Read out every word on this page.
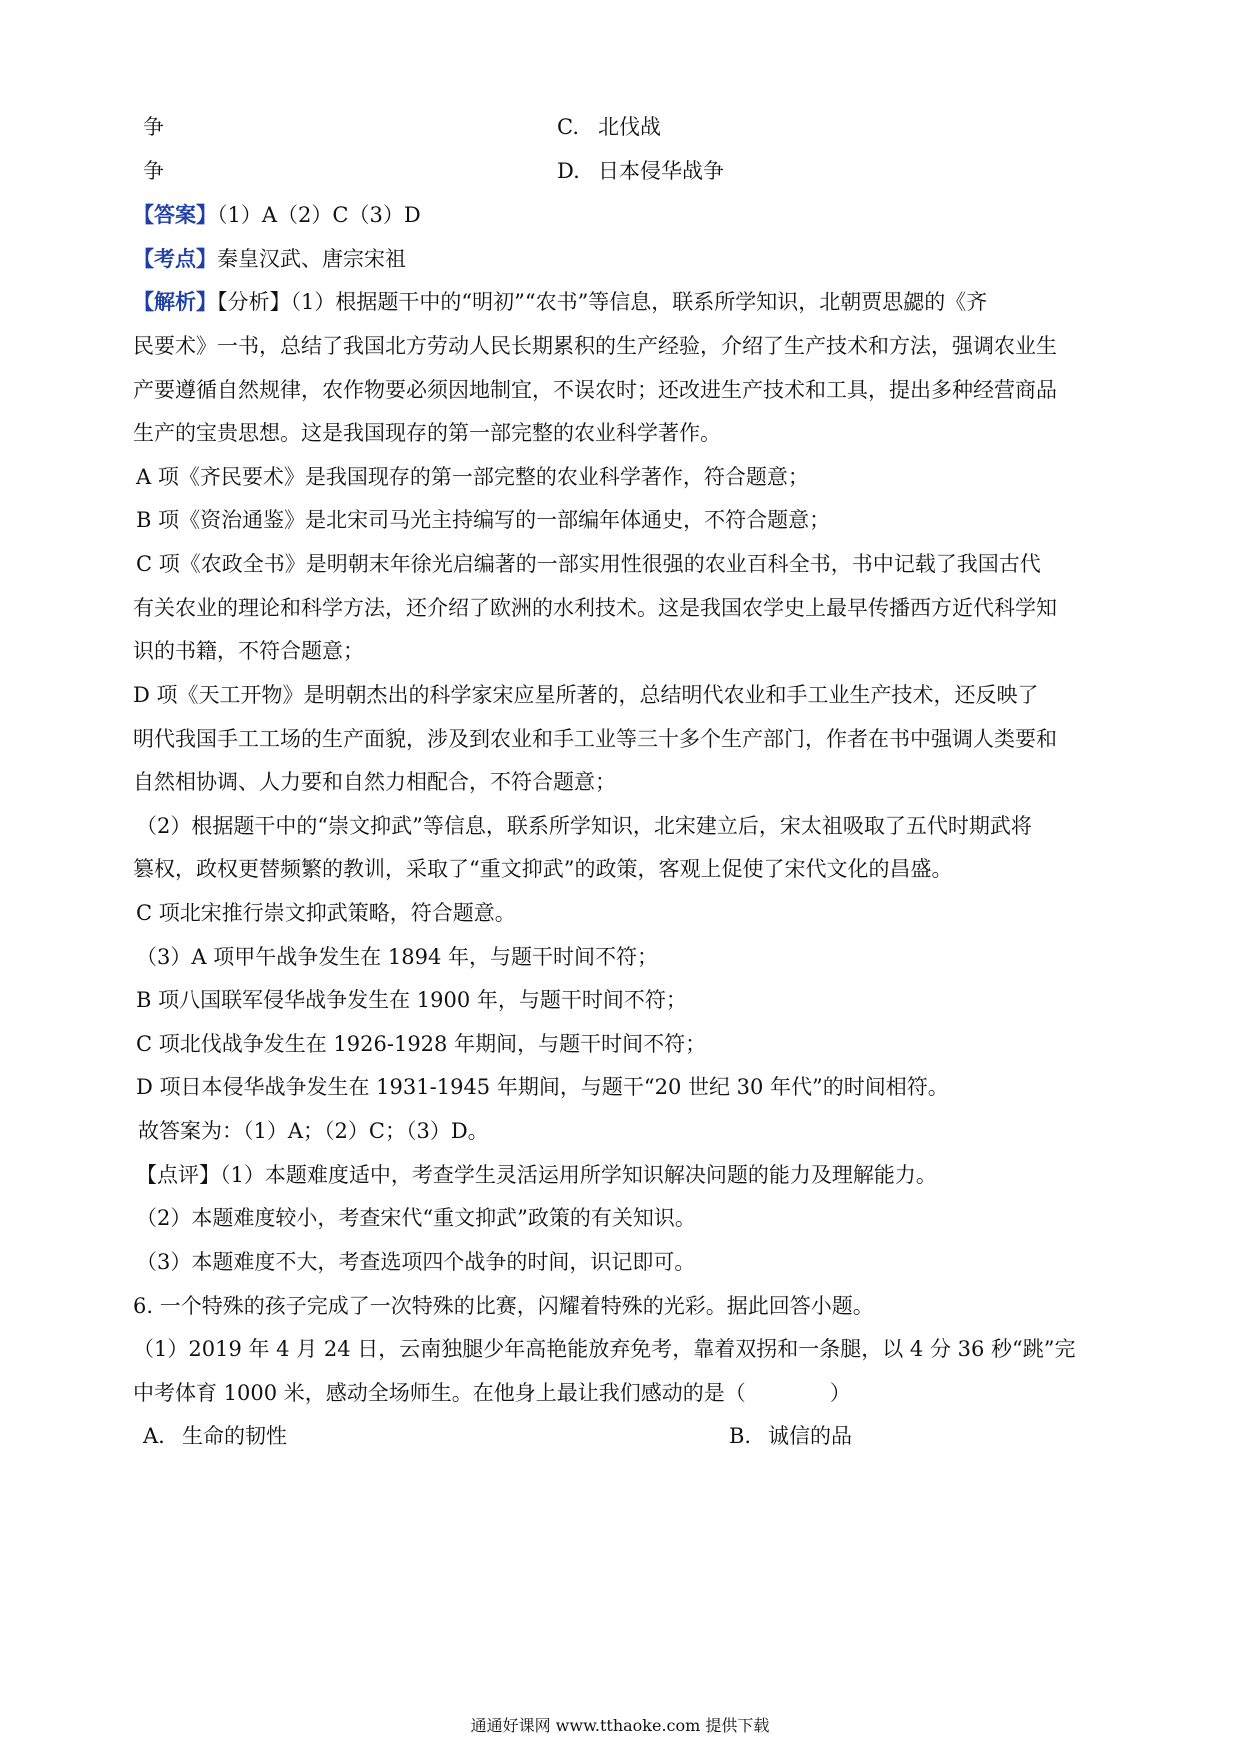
争	C. 北伐战
争	D. 日本侵华战争
【答案】（1）A（2）C（3）D
【考点】秦皇汉武、唐宗宋祖
【解析】【分析】（1）根据题干中的“明初”“农书”等信息，联系所学知识，北朝贾思勰的《齐
民要术》一书，总结了我国北方劳动人民长期累积的生产经验，介绍了生产技术和方法，强调农业生
产要遵循自然规律，农作物要必须因地制宜，不误农时；还改进生产技术和工具，提出多种经营商品
生产的宝贵思想。这是我国现存的第一部完整的农业科学著作。
A 项《齐民要术》是我国现存的第一部完整的农业科学著作，符合题意；
B 项《资治通鉴》是北宋司马光主持编写的一部编年体通史，不符合题意；
C 项《农政全书》是明朝末年徐光启编著的一部实用性很强的农业百科全书，书中记载了我国古代
有关农业的理论和科学方法，还介绍了欧洲的水利技术。这是我国农学史上最早传播西方近代科学知
识的书籍，不符合题意；
D 项《天工开物》是明朝杰出的科学家宋应星所著的，总结明代农业和手工业生产技术，还反映了
明代我国手工工场的生产面貌，涉及到农业和手工业等三十多个生产部门，作者在书中强调人类要和
自然相协调、人力要和自然力相配合，不符合题意；
（2）根据题干中的“崇文抑武”等信息，联系所学知识，北宋建立后，宋太祖吸取了五代时期武将
篡权，政权更替频繁的教训，采取了“重文抑武”的政策，客观上促使了宋代文化的昌盛。
C 项北宋推行崇文抑武策略，符合题意。
（3）A 项甲午战争发生在 1894 年，与题干时间不符；
B 项八国联军侵华战争发生在 1900 年，与题干时间不符；
C 项北伐战争发生在 1926-1928 年期间，与题干时间不符；
D 项日本侵华战争发生在 1931-1945 年期间，与题干“20 世纪 30 年代”的时间相符。
故答案为：（1）A；（2）C；（3）D。
【点评】（1）本题难度适中，考查学生灵活运用所学知识解决问题的能力及理解能力。
（2）本题难度较小，考查宋代“重文抑武”政策的有关知识。
（3）本题难度不大，考查选项四个战争的时间，识记即可。
6. 一个特殊的孩子完成了一次特殊的比赛，闪耀着特殊的光彩。据此回答小题。
（1）2019 年 4 月 24 日，云南独腿少年高艳能放弃免考，靠着双拐和一条腿，以 4 分 36 秒“跳”完
中考体育 1000 米，感动全场师生。在他身上最让我们感动的是（　　　　）
A. 生命的韧性	B. 诚信的品
通通好课网 www.tthaoke.com 提供下载
